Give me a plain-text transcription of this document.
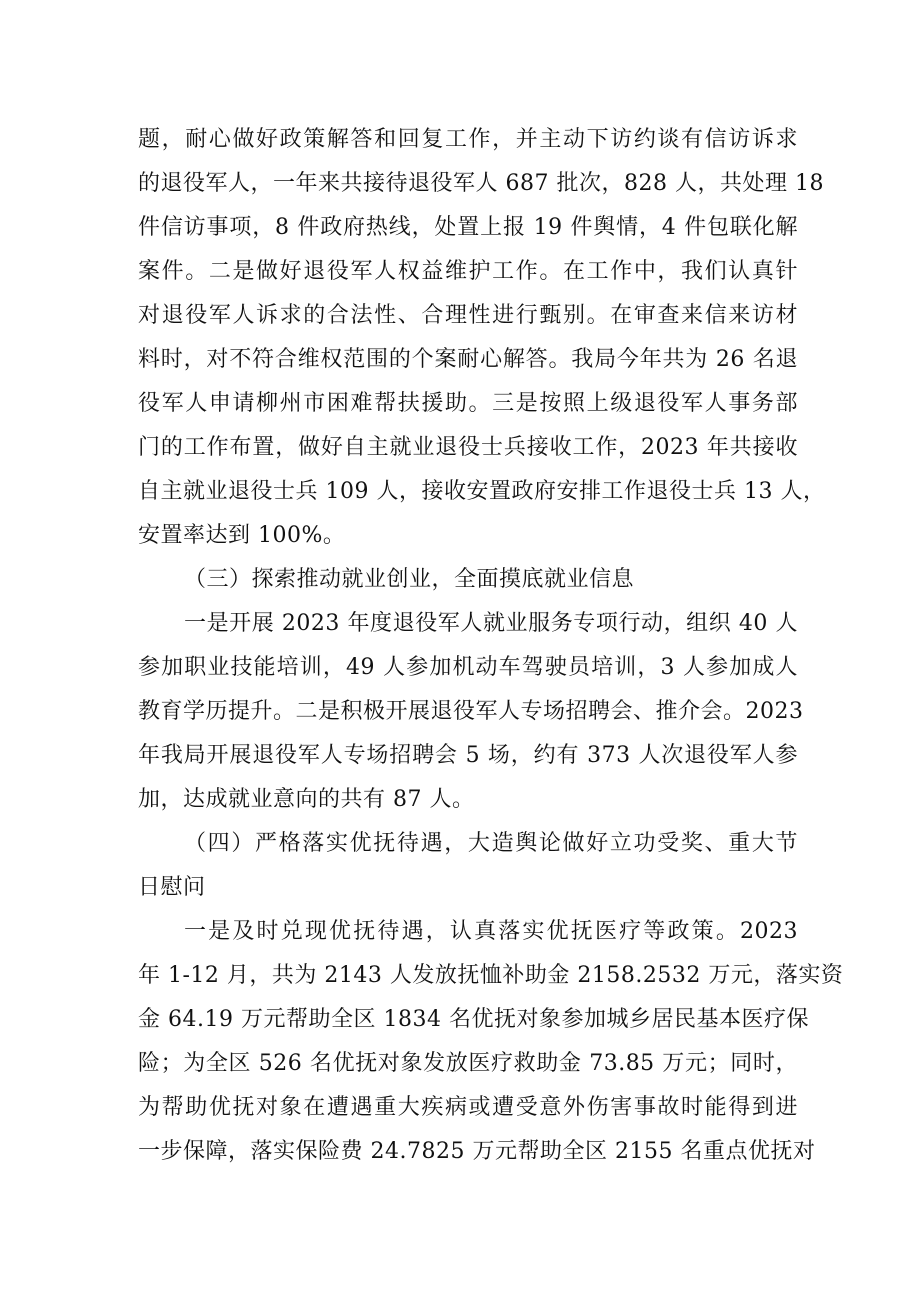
题，耐心做好政策解答和回复工作，并主动下访约谈有信访诉求
的退役军人，一年来共接待退役军人 687 批次，828 人，共处理 18
件信访事项，8 件政府热线，处置上报 19 件舆情，4 件包联化解
案件。二是做好退役军人权益维护工作。在工作中，我们认真针
对退役军人诉求的合法性、合理性进行甄别。在审查来信来访材
料时，对不符合维权范围的个案耐心解答。我局今年共为 26 名退
役军人申请柳州市困难帮扶援助。三是按照上级退役军人事务部
门的工作布置，做好自主就业退役士兵接收工作，2023 年共接收
自主就业退役士兵 109 人，接收安置政府安排工作退役士兵 13 人，
安置率达到 100%。
（三）探索推动就业创业，全面摸底就业信息
一是开展 2023 年度退役军人就业服务专项行动，组织 40 人
参加职业技能培训，49 人参加机动车驾驶员培训，3 人参加成人
教育学历提升。二是积极开展退役军人专场招聘会、推介会。2023
年我局开展退役军人专场招聘会 5 场，约有 373 人次退役军人参
加，达成就业意向的共有 87 人。
（四）严格落实优抚待遇，大造舆论做好立功受奖、重大节
日慰问
一是及时兑现优抚待遇，认真落实优抚医疗等政策。2023
年 1-12 月，共为 2143 人发放抚恤补助金 2158.2532 万元，落实资
金 64.19 万元帮助全区 1834 名优抚对象参加城乡居民基本医疗保
险；为全区 526 名优抚对象发放医疗救助金 73.85 万元；同时，
为帮助优抚对象在遭遇重大疾病或遭受意外伤害事故时能得到进
一步保障，落实保险费 24.7825 万元帮助全区 2155 名重点优抚对
